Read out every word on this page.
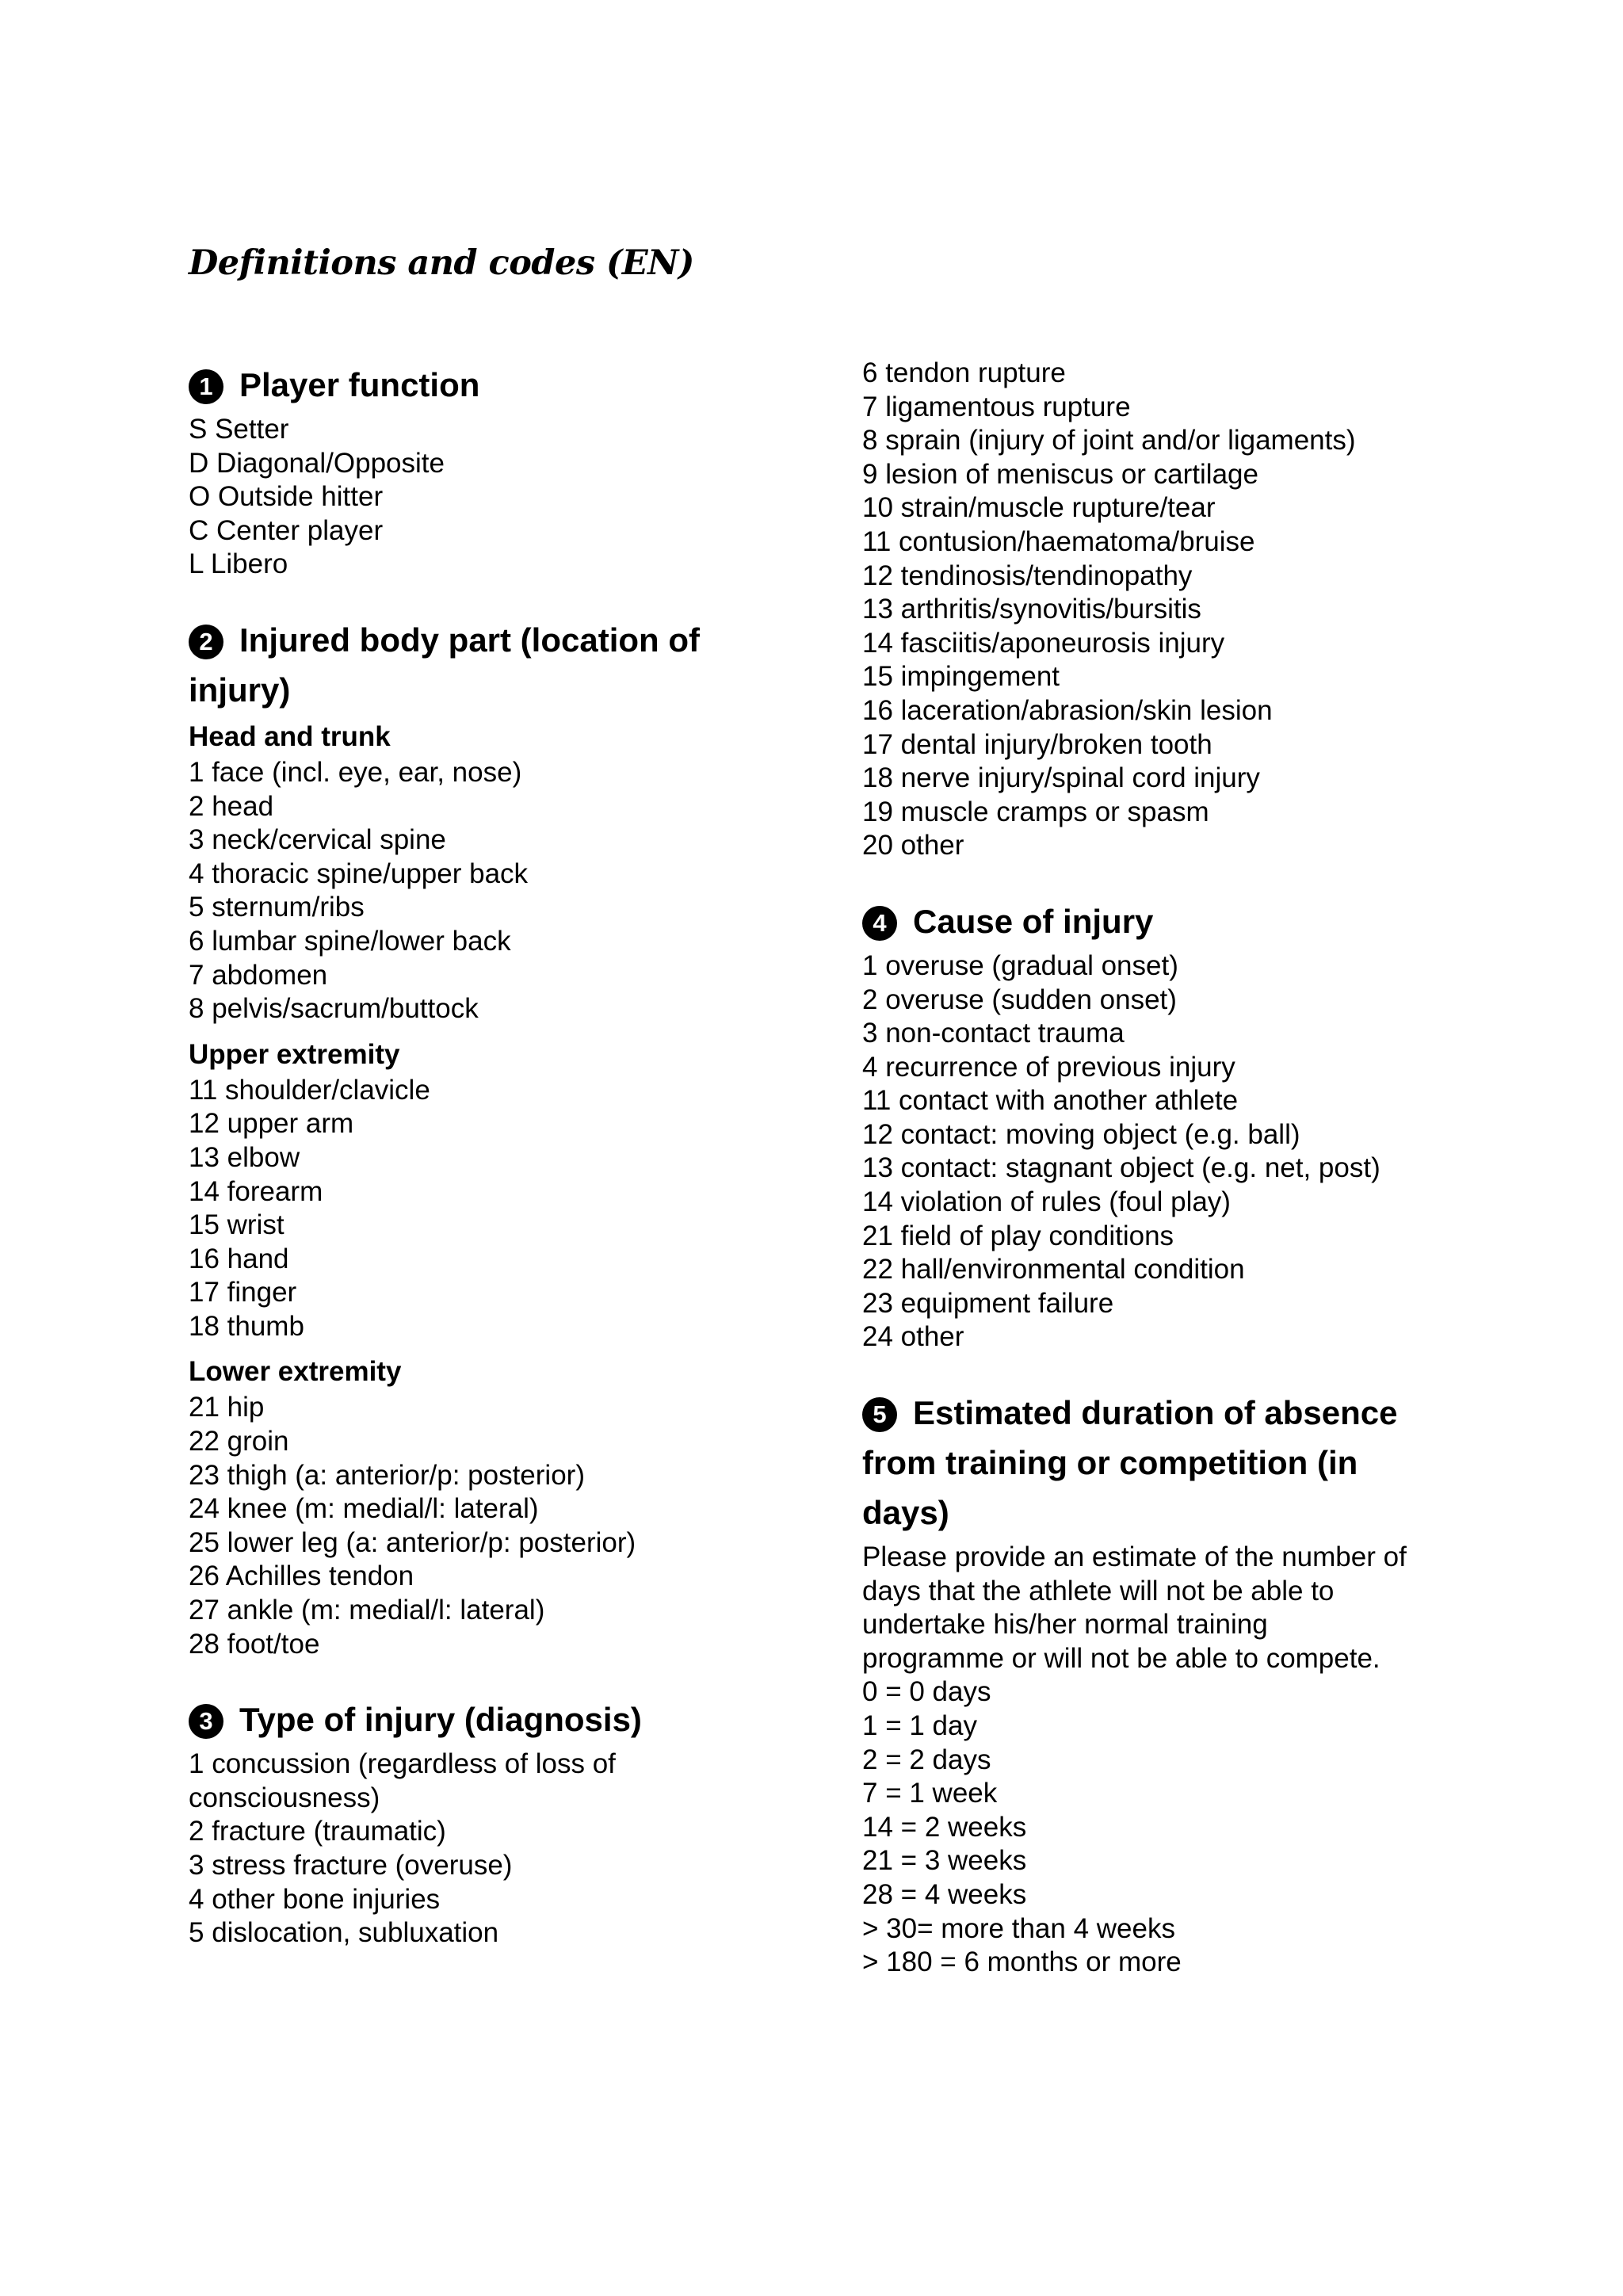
Definitions and codes (EN)
1 Player function
S Setter
D Diagonal/Opposite
O Outside hitter
C Center player
L Libero
2 Injured body part (location of
injury)
Head and trunk
1 face (incl. eye, ear, nose)
2 head
3 neck/cervical spine
4 thoracic spine/upper back
5 sternum/ribs
6 lumbar spine/lower back
7 abdomen
8 pelvis/sacrum/buttock
Upper extremity
11 shoulder/clavicle
12 upper arm
13 elbow
14 forearm
15 wrist
16 hand
17 finger
18 thumb
Lower extremity
21 hip
22 groin
23 thigh (a: anterior/p: posterior)
24 knee (m: medial/l: lateral)
25 lower leg (a: anterior/p: posterior)
26 Achilles tendon
27 ankle (m: medial/l: lateral)
28 foot/toe
3 Type of injury (diagnosis)
1 concussion (regardless of loss of
consciousness)
2 fracture (traumatic)
3 stress fracture (overuse)
4 other bone injuries
5 dislocation, subluxation
6 tendon rupture
7 ligamentous rupture
8 sprain (injury of joint and/or ligaments)
9 lesion of meniscus or cartilage
10 strain/muscle rupture/tear
11 contusion/haematoma/bruise
12 tendinosis/tendinopathy
13 arthritis/synovitis/bursitis
14 fasciitis/aponeurosis injury
15 impingement
16 laceration/abrasion/skin lesion
17 dental injury/broken tooth
18 nerve injury/spinal cord injury
19 muscle cramps or spasm
20 other
4 Cause of injury
1 overuse (gradual onset)
2 overuse (sudden onset)
3 non-contact trauma
4 recurrence of previous injury
11 contact with another athlete
12 contact: moving object (e.g. ball)
13 contact: stagnant object (e.g. net, post)
14 violation of rules (foul play)
21 field of play conditions
22 hall/environmental condition
23 equipment failure
24 other
5 Estimated duration of absence
from training or competition (in
days)
Please provide an estimate of the number of
days that the athlete will not be able to
undertake his/her normal training
programme or will not be able to compete.
0 = 0 days
1 = 1 day
2 = 2 days
7 = 1 week
14 = 2 weeks
21 = 3 weeks
28 = 4 weeks
> 30= more than 4 weeks
> 180 = 6 months or more
